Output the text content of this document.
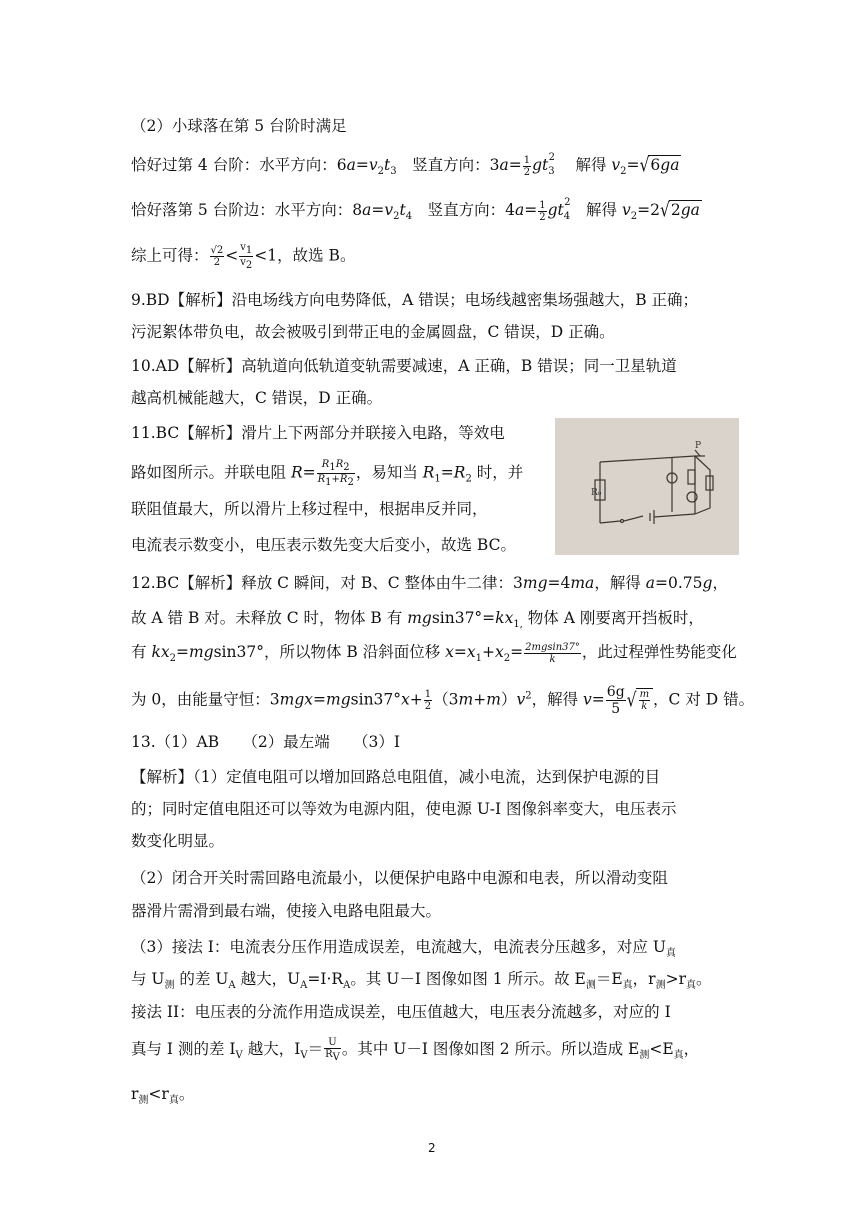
（2）小球落在第 5 台阶时满足
恰好过第 4 台阶：水平方向：$6a=v_2t_3$　 竖直方向：$3a= \frac{1}{2} gt_3^2$　 解得 $v_2=√6ga$
恰好落第 5 台阶边：水平方向：$8a=v_2t_4$　 竖直方向：$4a= \frac{1}{2} gt_4^2$　 解得 $v_2=2√2ga$
综上可得： $\frac{√2}{2} < \frac{v_1}{v_2} <1$，故选 B。
9.BD【解析】沿电场线方向电势降低，A 错误；电场线越密集场强越大，B 正确；
污泥絮体带负电，故会被吸引到带正电的金属圆盘，C 错误，D 正确。
10.AD【解析】高轨道向低轨道变轨需要减速，A 正确，B 错误；同一卫星轨道
越高机械能越大，C 错误，D 正确。
11.BC【解析】滑片上下两部分并联接入电路，等效电
路如图所示。并联电阻 $R= \frac{R_1R_2}{R_1+R_2}$ ，易知当 $R_1=R_2$ 时，并
联阻值最大，所以滑片上移过程中，根据串反并同，
电流表示数变小，电压表示数先变大后变小，故选 BC。
R₀
P
12.BC【解析】释放 C 瞬间，对 B、C 整体由牛二律：3mg=4ma，解得 a=0.75g，
故 A 错 B 对。未释放 C 时，物体 B 有 $mgsin37^\circ=kx_{1,}$ 物体 A 刚要离开挡板时，
有 $kx_2=mgsin37^\circ$，所以物体 B 沿斜面位移 $x=x_1+x_2= \frac{2mgsin37^\circ}{k}$ ，此过程弹性势能变化
为 0，由能量守恒：$3mgx=mgsin37^\circ x+ \frac{1}{2} (3m+m)v^2$，解得 $v= \frac{6g}{5}$ √ $\frac{m}{k}$ ，C 对 D 错。
13.（1）AB　　（2）最左端　　（3）I
【解析】（1）定值电阻可以增加回路总电阻值，减小电流，达到保护电源的目
的；同时定值电阻还可以等效为电源内阻，使电源 U-I 图像斜率变大，电压表示
数变化明显。
（2）闭合开关时需回路电流最小，以便保护电路中电源和电表，所以滑动变阻
器滑片需滑到最右端，使接入电路电阻最大。
（3）接法 I：电流表分压作用造成误差，电流越大，电流表分压越多，对应 $U_真$
与 $U_测$ 的差 $U_A$ 越大，$U_A=I\cdot R_A$。其 U－I 图像如图 1 所示。故 $E_测=E_真$，$r_测>r_真$。
接法 II：电压表的分流作用造成误差，电压值越大，电压表分流越多，对应的 I
真与 I 测的差 $I_V$ 越大，$I_V= \frac{U}{R_V}$ 。其中 U－I 图像如图 2 所示。所以造成 $E_测<E_真$，
$r_测<r_真$。
2
